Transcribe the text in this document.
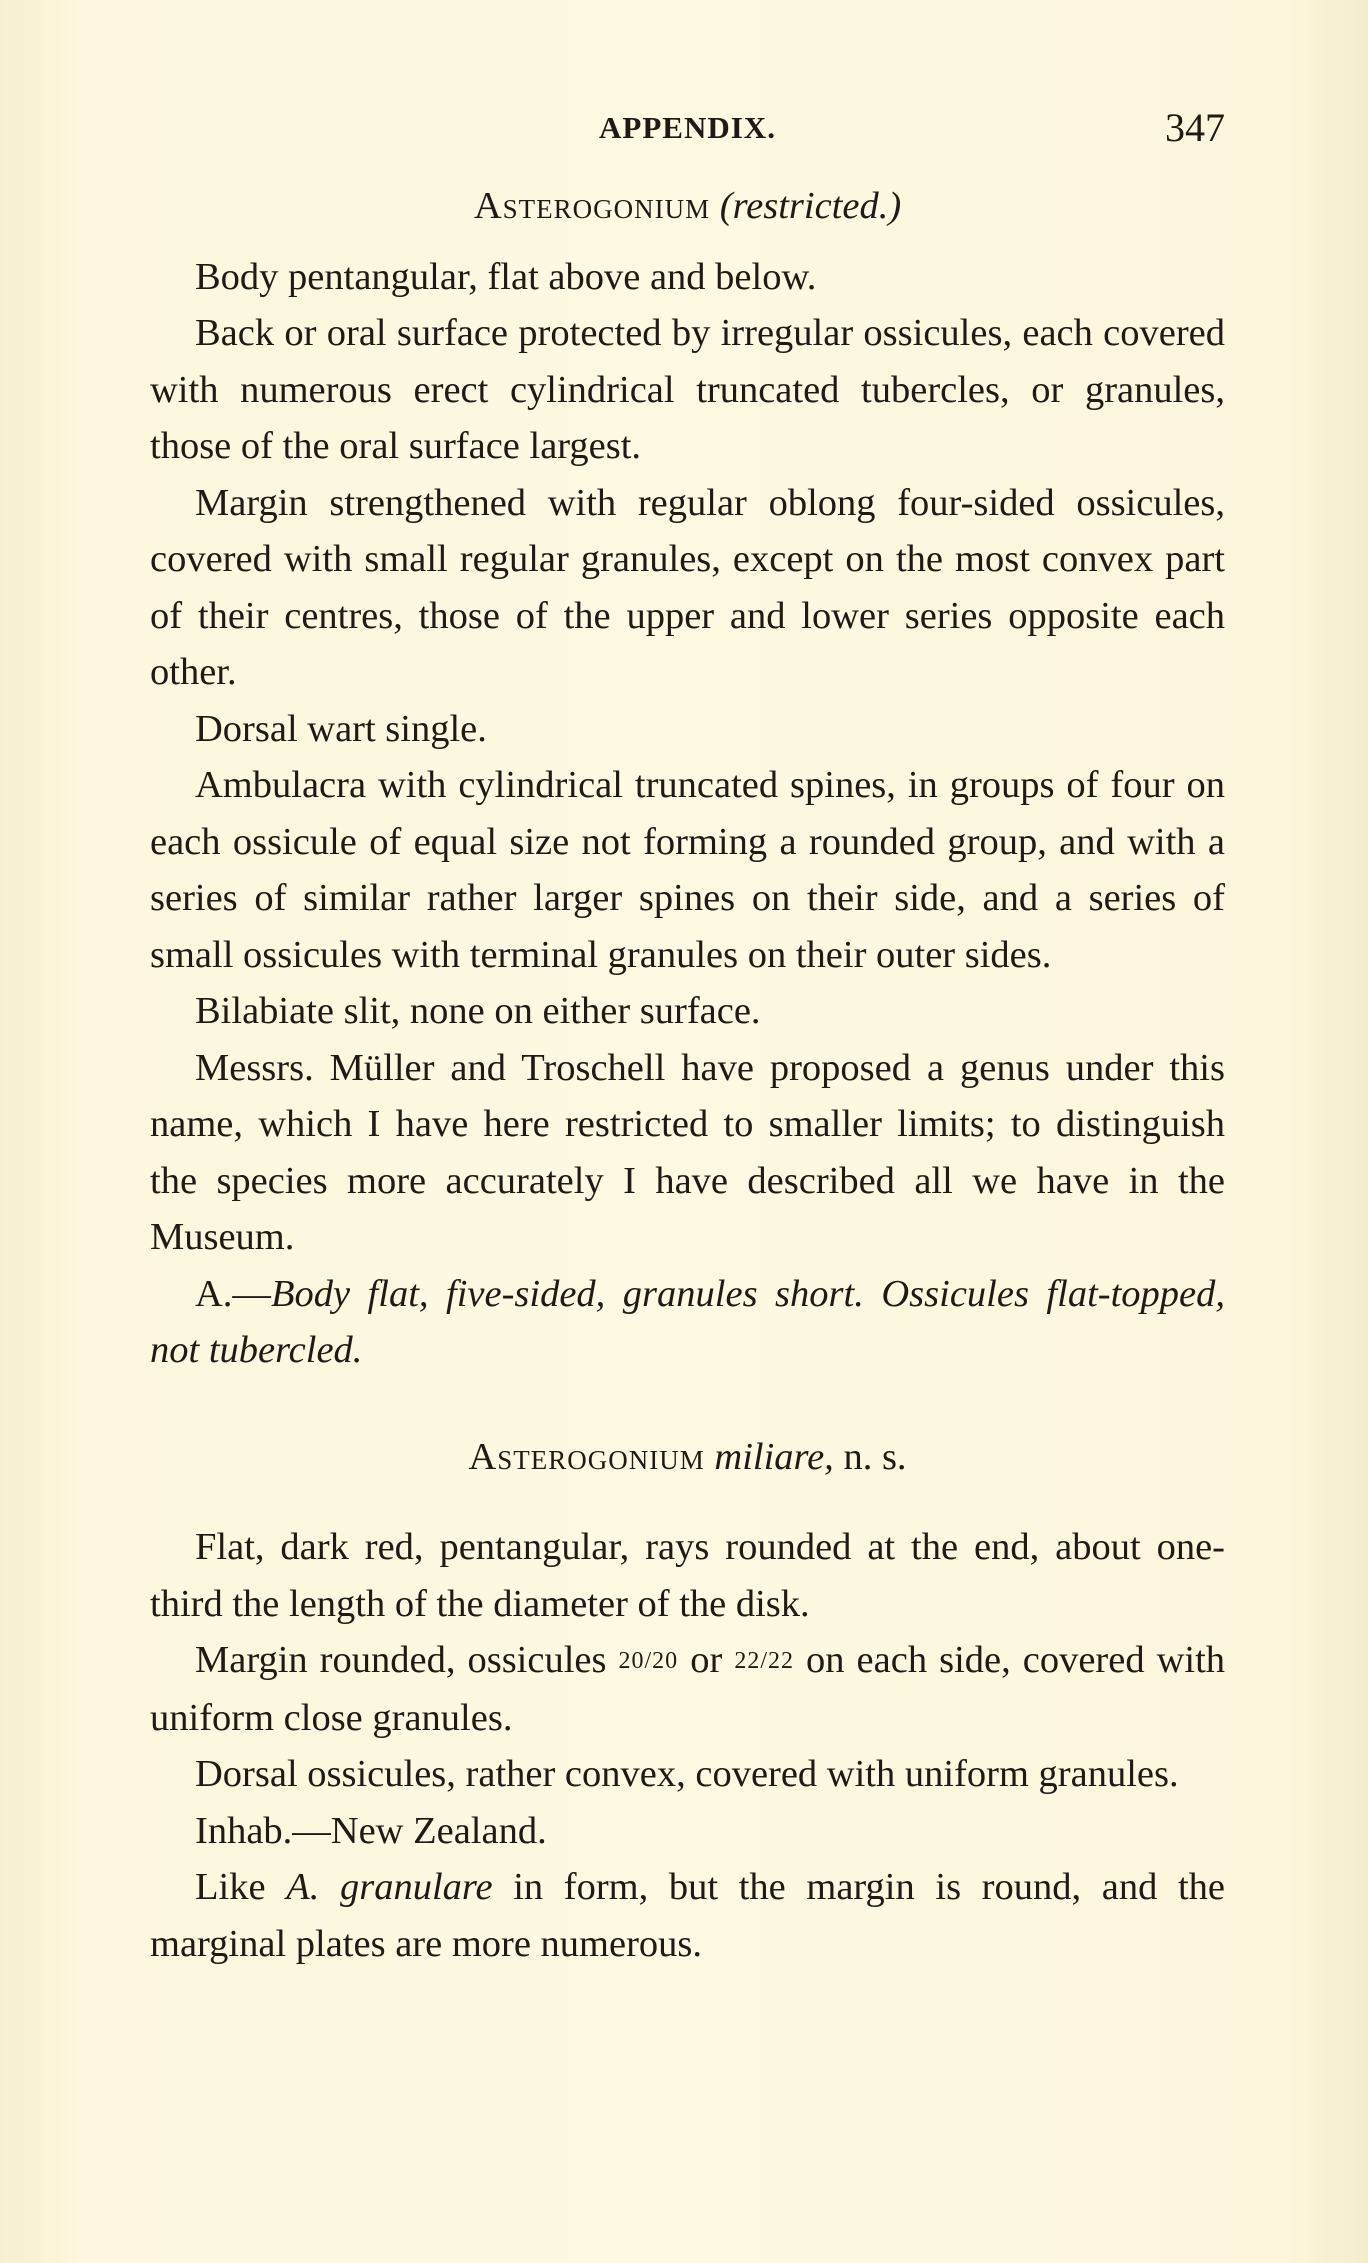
APPENDIX.	347
Asterogonium (restricted.)

Body pentangular, flat above and below.

Back or oral surface protected by irregular ossicules, each covered with numerous erect cylindrical truncated tubercles, or granules, those of the oral surface largest.

Margin strengthened with regular oblong four-sided ossicules, covered with small regular granules, except on the most convex part of their centres, those of the upper and lower series opposite each other.

Dorsal wart single.

Ambulacra with cylindrical truncated spines, in groups of four on each ossicule of equal size not forming a rounded group, and with a series of similar rather larger spines on their side, and a series of small ossicules with terminal granules on their outer sides.

Bilabiate slit, none on either surface.

Messrs. Müller and Troschell have proposed a genus under this name, which I have here restricted to smaller limits; to distinguish the species more accurately I have described all we have in the Museum.

A.—Body flat, five-sided, granules short. Ossicules flat-topped, not tubercled.

Asterogonium miliare, n. s.

Flat, dark red, pentangular, rays rounded at the end, about one-third the length of the diameter of the disk.

Margin rounded, ossicules 20/20 or 22/22 on each side, covered with uniform close granules.

Dorsal ossicules, rather convex, covered with uniform granules.

Inhab.—New Zealand.

Like A. granulare in form, but the margin is round, and the marginal plates are more numerous.
